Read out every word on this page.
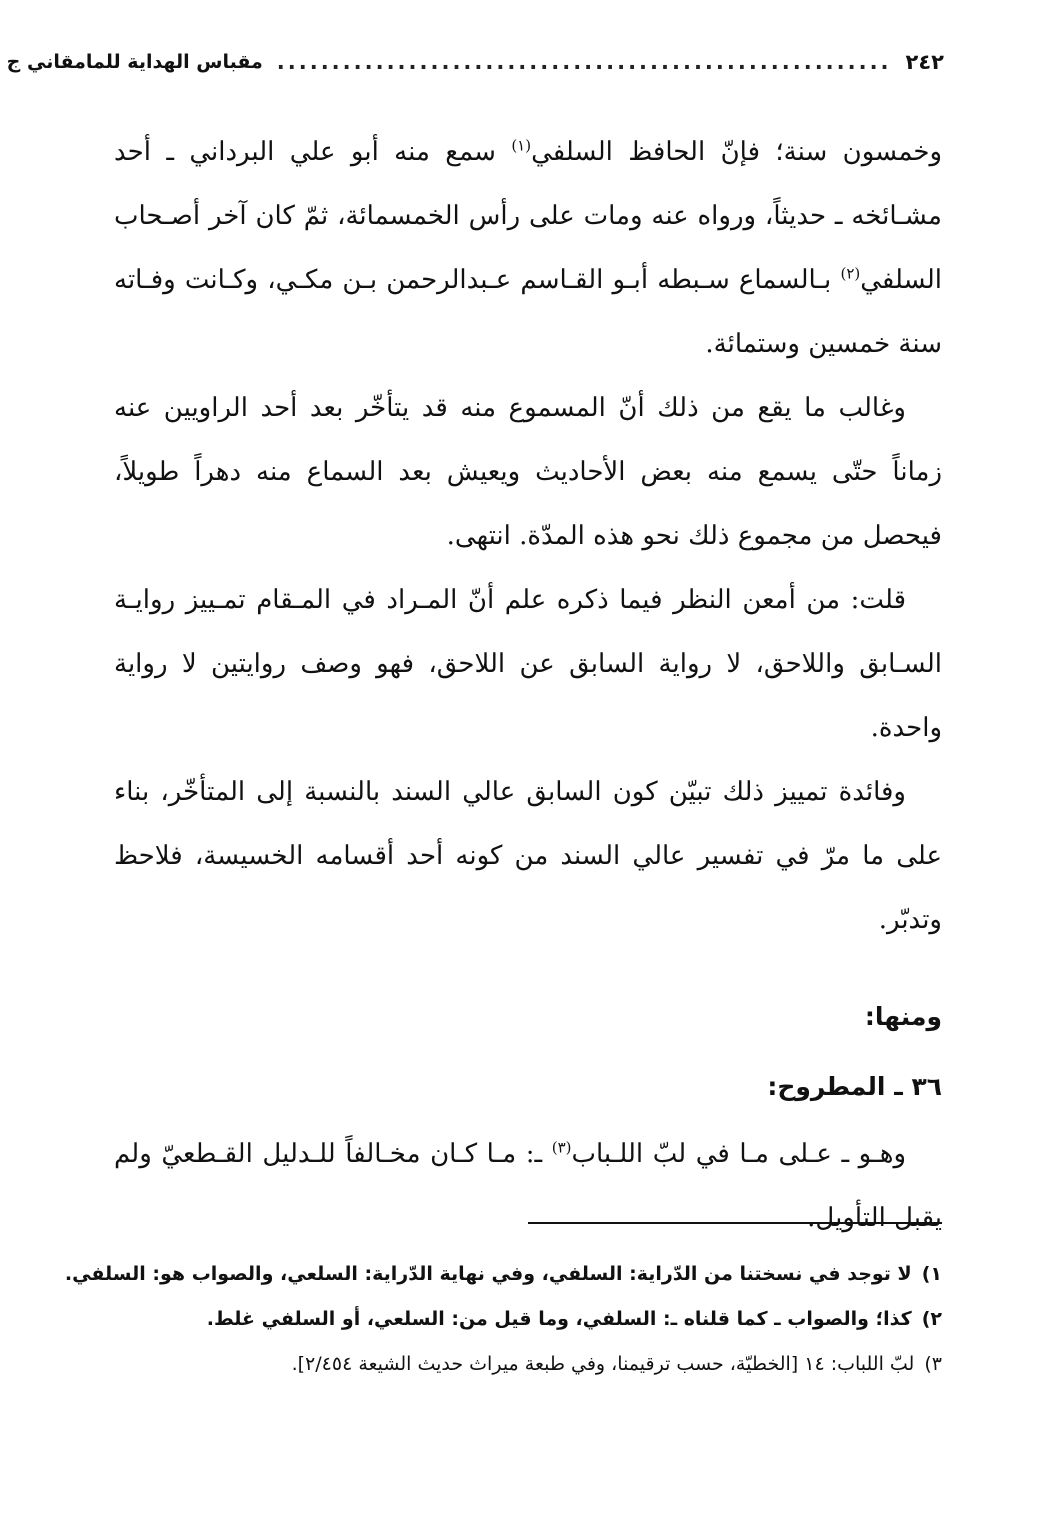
٢٤٢
........................................................
مقباس الهداية للمامقاني ج

وخمسون سنة؛ فإنّ الحافظ السلفي$^{(١)}$ سمع منه أبو علي البرداني ـ أحد مشـائخه ـ حديثاً، ورواه عنه ومات على رأس الخمسمائة، ثمّ كان آخر أصـحاب السلفي$^{(٢)}$ بـالسماع سـبطه أبـو القـاسم عـبدالرحمن بـن مكـي، وكـانت وفـاته سنة خمسين وستمائة.

وغالب ما يقع من ذلك أنّ المسموع منه قد يتأخّر بعد أحد الراويين عنه زماناً حتّى يسمع منه بعض الأحاديث ويعيش بعد السماع منه دهراً طويلاً، فيحصل من مجموع ذلك نحو هذه المدّة. انتهى.

قلت: من أمعن النظر فيما ذكره علم أنّ المـراد في المـقام تمـييز روايـة السـابق واللاحق، لا رواية السابق عن اللاحق، فهو وصف روايتين لا رواية واحدة.

وفائدة تمييز ذلك تبيّن كون السابق عالي السند بالنسبة إلى المتأخّر، بناء على ما مرّ في تفسير عالي السند من كونه أحد أقسامه الخسيسة، فلاحظ وتدبّر.

ومنها:

٣٦ ـ المطروح:

وهـو ـ عـلى مـا في لبّ اللـباب$^{(٣)}$ ـ: مـا كـان مخـالفاً للـدليل القـطعيّ ولم يقبل التأويل.

١)لا توجد في نسختنا من الدّراية: السلفي، وفي نهاية الدّراية: السلعي، والصواب هو: السلفي.

٢)كذا؛ والصواب ـ كما قلناه ـ: السلفي، وما قيل من: السلعي، أو السلفي غلط.

٣)لبّ اللباب: ١٤ [الخطيّة، حسب ترقيمنا، وفي طبعة ميراث حديث الشيعة ٢/٤٥٤].
